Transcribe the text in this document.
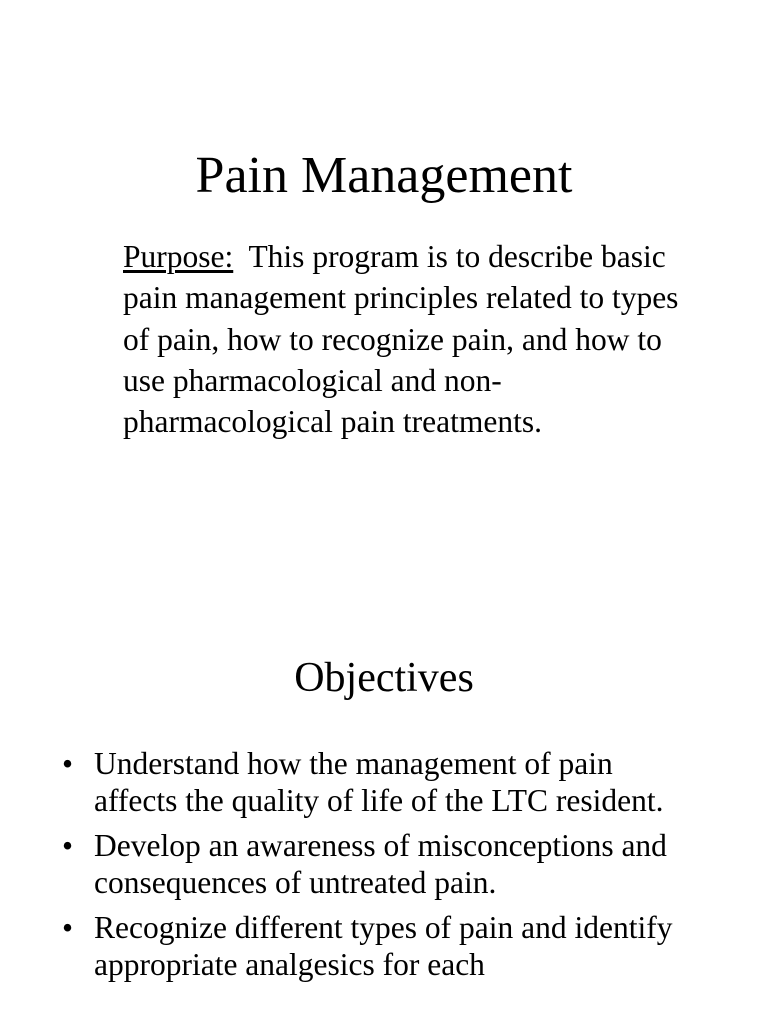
Pain Management

Purpose: This program is to describe basic pain management principles related to types of pain, how to recognize pain, and how to use pharmacological and non-pharmacological pain treatments.

Objectives
• Understand how the management of pain affects the quality of life of the LTC resident.
• Develop an awareness of misconceptions and consequences of untreated pain.
• Recognize different types of pain and identify appropriate analgesics for each
